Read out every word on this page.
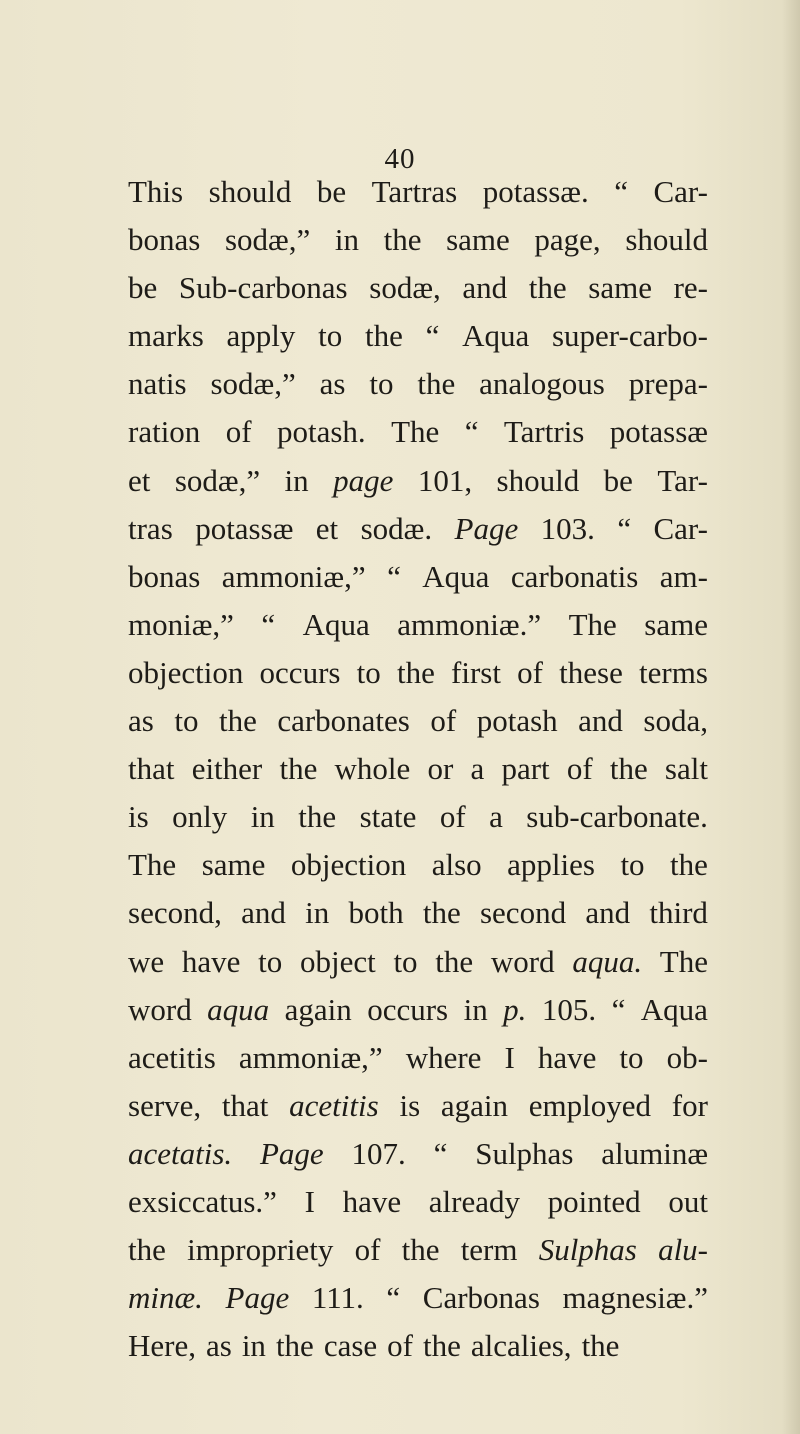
40
This should be Tartras potassæ. “ Car-
bonas sodæ,” in the same page, should
be Sub-carbonas sodæ, and the same re-
marks apply to the “ Aqua super-carbo-
natis sodæ,” as to the analogous prepa-
ration of potash. The “ Tartris potassæ
et sodæ,” in page 101, should be Tar-
tras potassæ et sodæ. Page 103. “ Car-
bonas ammoniæ,” “ Aqua carbonatis am-
moniæ,” “ Aqua ammoniæ.” The same
objection occurs to the first of these terms
as to the carbonates of potash and soda,
that either the whole or a part of the salt
is only in the state of a sub-carbonate.
The same objection also applies to the
second, and in both the second and third
we have to object to the word aqua. The
word aqua again occurs in p. 105. “ Aqua
acetitis ammoniæ,” where I have to ob-
serve, that acetitis is again employed for
acetatis. Page 107. “ Sulphas aluminæ
exsiccatus.” I have already pointed out
the impropriety of the term Sulphas alu-
minæ. Page 111. “ Carbonas magnesiæ.”
Here, as in the case of the alcalies, the
